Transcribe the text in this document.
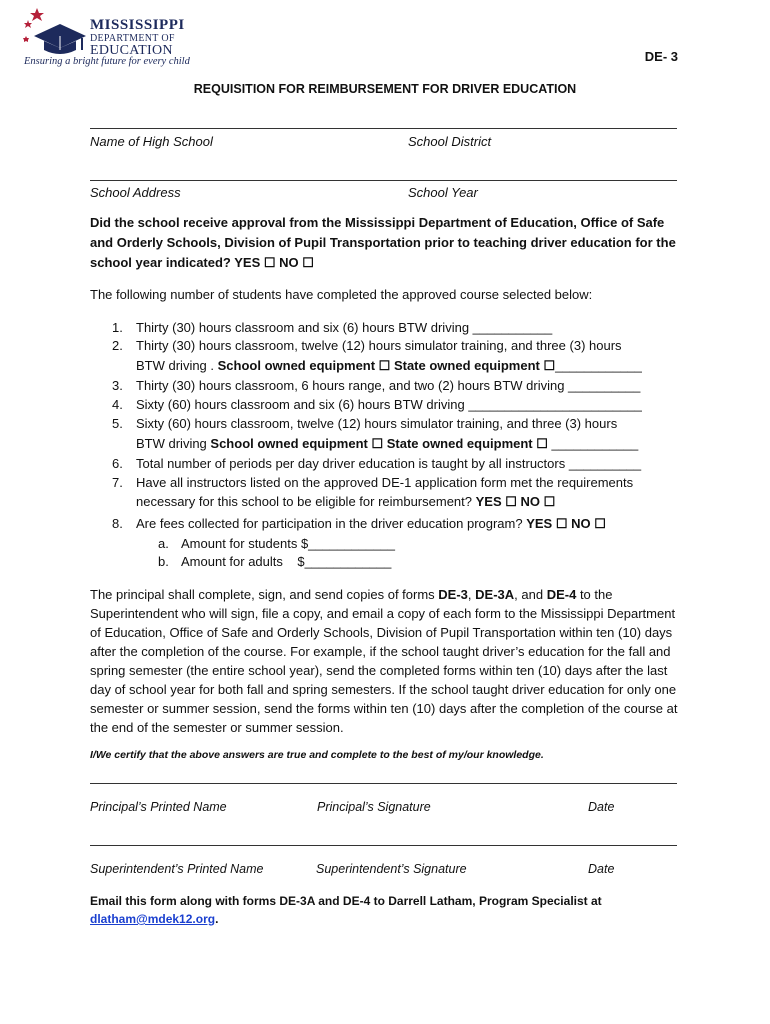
MISSISSIPPI
DEPARTMENT OF
EDUCATION
Ensuring a bright future for every child	DE- 3
REQUISITION FOR REIMBURSEMENT FOR DRIVER EDUCATION
Name of High School	School District
School Address	School Year
Did the school receive approval from the Mississippi Department of Education, Office of Safe and Orderly Schools, Division of Pupil Transportation prior to teaching driver education for the school year indicated? YES ☐ NO ☐
The following number of students have completed the approved course selected below:
1. Thirty (30) hours classroom and six (6) hours BTW driving ___________
2. Thirty (30) hours classroom, twelve (12) hours simulator training, and three (3) hours
BTW driving . School owned equipment ☐ State owned equipment ☐____________
3. Thirty (30) hours classroom, 6 hours range, and two (2) hours BTW driving __________
4. Sixty (60) hours classroom and six (6) hours BTW driving ________________________
5. Sixty (60) hours classroom, twelve (12) hours simulator training, and three (3) hours
BTW driving School owned equipment ☐ State owned equipment ☐ ____________
6. Total number of periods per day driver education is taught by all instructors __________
7. Have all instructors listed on the approved DE-1 application form met the requirements
necessary for this school to be eligible for reimbursement? YES ☐ NO ☐
8. Are fees collected for participation in the driver education program? YES ☐ NO ☐
a. Amount for students $____________
b. Amount for adults    $____________
The principal shall complete, sign, and send copies of forms DE-3, DE-3A, and DE-4 to the Superintendent who will sign, file a copy, and email a copy of each form to the Mississippi Department of Education, Office of Safe and Orderly Schools, Division of Pupil Transportation within ten (10) days after the completion of the course. For example, if the school taught driver’s education for the fall and spring semester (the entire school year), send the completed forms within ten (10) days after the last day of school year for both fall and spring semesters. If the school taught driver education for only one semester or summer session, send the forms within ten (10) days after the completion of the course at the end of the semester or summer session.
I/We certify that the above answers are true and complete to the best of my/our knowledge.
Principal’s Printed Name	Principal’s Signature	Date
Superintendent’s Printed Name	Superintendent’s Signature	Date
Email this form along with forms DE-3A and DE-4 to Darrell Latham, Program Specialist at dlatham@mdek12.org.
